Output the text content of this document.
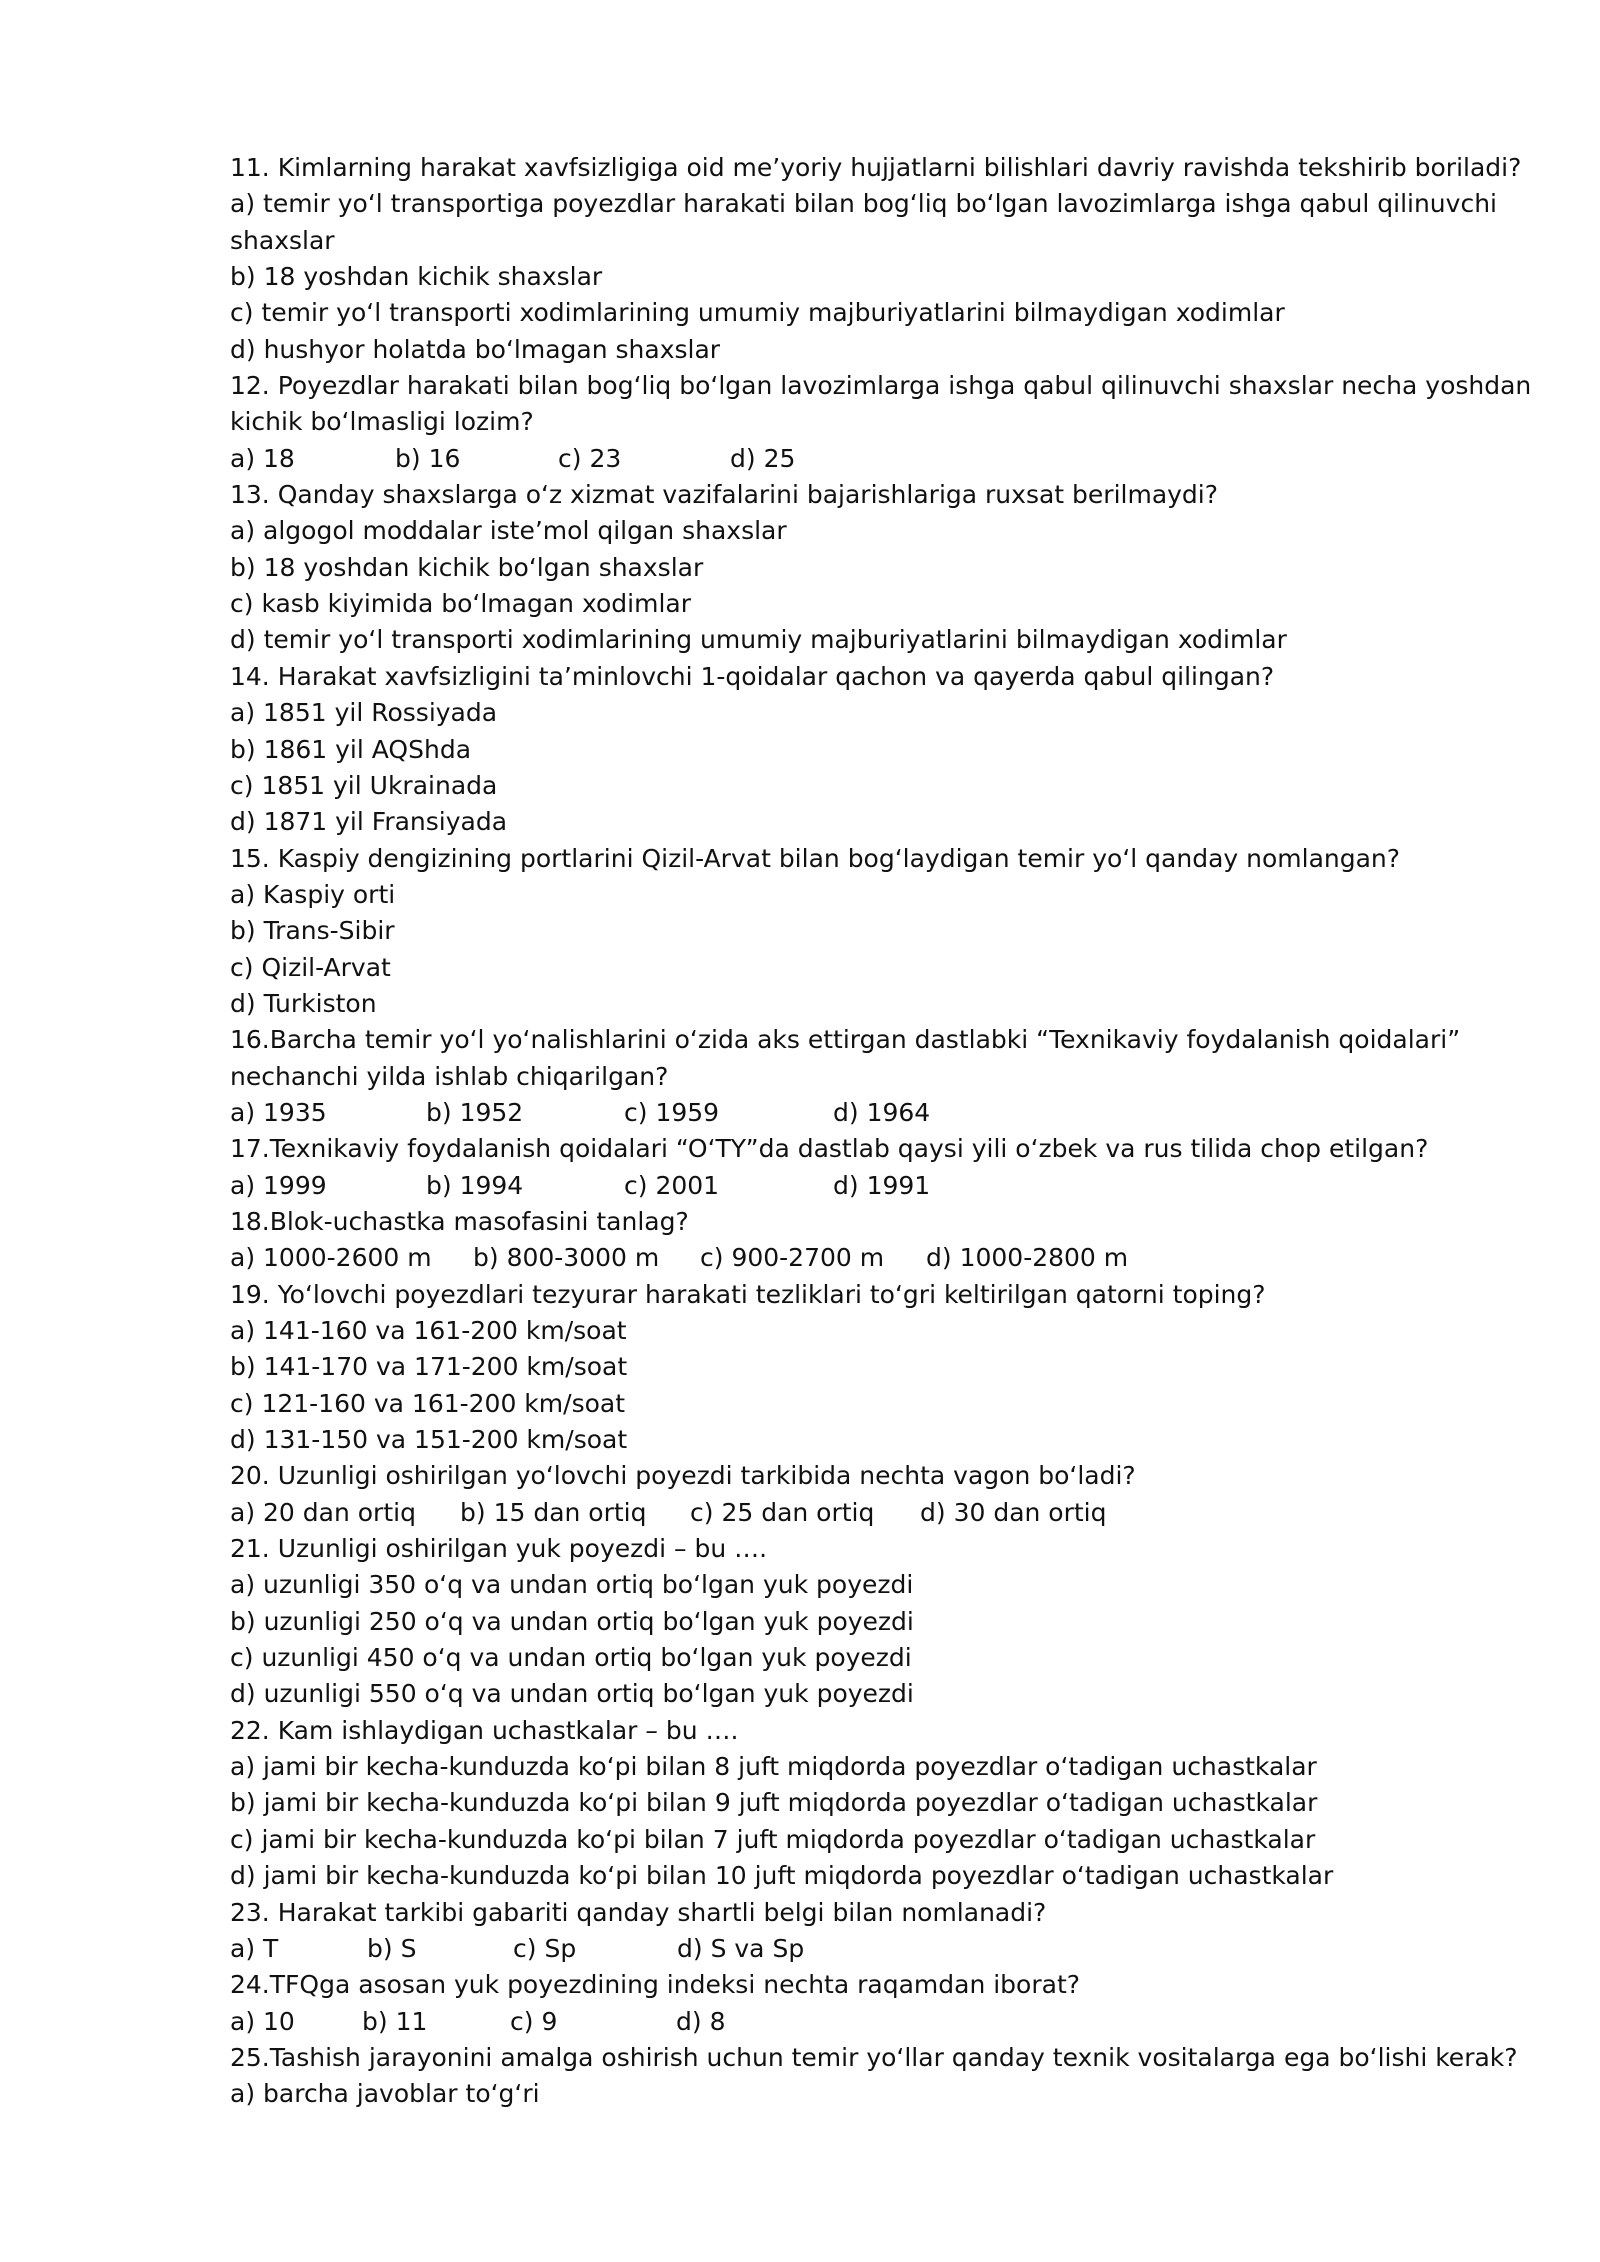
11. Kimlarning harakat xavfsizligiga oid me’yoriy hujjatlarni bilishlari davriy ravishda tekshirib boriladi?
a) temir yoʻl transportiga poyezdlar harakati bilan bogʻliq boʻlgan lavozimlarga ishga qabul qilinuvchi
shaxslar
b) 18 yoshdan kichik shaxslar
c) temir yoʻl transporti xodimlarining umumiy majburiyatlarini bilmaydigan xodimlar
d) hushyor holatda boʻlmagan shaxslar
12. Poyezdlar harakati bilan bogʻliq boʻlgan lavozimlarga ishga qabul qilinuvchi shaxslar necha yoshdan
kichik boʻlmasligi lozim?
a) 18	b) 16	c) 23	d) 25
13. Qanday shaxslarga oʻz xizmat vazifalarini bajarishlariga ruxsat berilmaydi?
a) algogol moddalar iste’mol qilgan shaxslar
b) 18 yoshdan kichik boʻlgan shaxslar
c) kasb kiyimida boʻlmagan xodimlar
d) temir yoʻl transporti xodimlarining umumiy majburiyatlarini bilmaydigan xodimlar
14. Harakat xavfsizligini ta’minlovchi 1-qoidalar qachon va qayerda qabul qilingan?
a) 1851 yil Rossiyada
b) 1861 yil AQShda
c) 1851 yil Ukrainada
d) 1871 yil Fransiyada
15. Kaspiy dengizining portlarini Qizil-Arvat bilan bogʻlaydigan temir yoʻl qanday nomlangan?
a) Kaspiy orti
b) Trans-Sibir
c) Qizil-Arvat
d) Turkiston
16.Barcha temir yoʻl yoʻnalishlarini oʻzida aks ettirgan dastlabki “Texnikaviy foydalanish qoidalari”
nechanchi yilda ishlab chiqarilgan?
a) 1935	b) 1952	c) 1959	d) 1964
17.Texnikaviy foydalanish qoidalari “OʻTY”da dastlab qaysi yili oʻzbek va rus tilida chop etilgan?
a) 1999	b) 1994	c) 2001	d) 1991
18.Blok-uchastka masofasini tanlag?
a) 1000-2600 m b) 800-3000 m c) 900-2700 m d) 1000-2800 m
19. Yoʻlovchi poyezdlari tezyurar harakati tezliklari toʻgri keltirilgan qatorni toping?
a) 141-160 va 161-200 km/soat
b) 141-170 va 171-200 km/soat
c) 121-160 va 161-200 km/soat
d) 131-150 va 151-200 km/soat
20. Uzunligi oshirilgan yoʻlovchi poyezdi tarkibida nechta vagon boʻladi?
a) 20 dan ortiq b) 15 dan ortiq c) 25 dan ortiq d) 30 dan ortiq
21. Uzunligi oshirilgan yuk poyezdi – bu ….
a) uzunligi 350 oʻq va undan ortiq boʻlgan yuk poyezdi
b) uzunligi 250 oʻq va undan ortiq boʻlgan yuk poyezdi
c) uzunligi 450 oʻq va undan ortiq boʻlgan yuk poyezdi
d) uzunligi 550 oʻq va undan ortiq boʻlgan yuk poyezdi
22. Kam ishlaydigan uchastkalar – bu ….
a) jami bir kecha-kunduzda koʻpi bilan 8 juft miqdorda poyezdlar oʻtadigan uchastkalar
b) jami bir kecha-kunduzda koʻpi bilan 9 juft miqdorda poyezdlar oʻtadigan uchastkalar
c) jami bir kecha-kunduzda koʻpi bilan 7 juft miqdorda poyezdlar oʻtadigan uchastkalar
d) jami bir kecha-kunduzda koʻpi bilan 10 juft miqdorda poyezdlar oʻtadigan uchastkalar
23. Harakat tarkibi gabariti qanday shartli belgi bilan nomlanadi?
a) T	b) S	c) Sp	d) S va Sp
24.TFQga asosan yuk poyezdining indeksi nechta raqamdan iborat?
a) 10	b) 11	c) 9	d) 8
25.Tashish jarayonini amalga oshirish uchun temir yoʻllar qanday texnik vositalarga ega boʻlishi kerak?
a) barcha javoblar toʻgʻri
